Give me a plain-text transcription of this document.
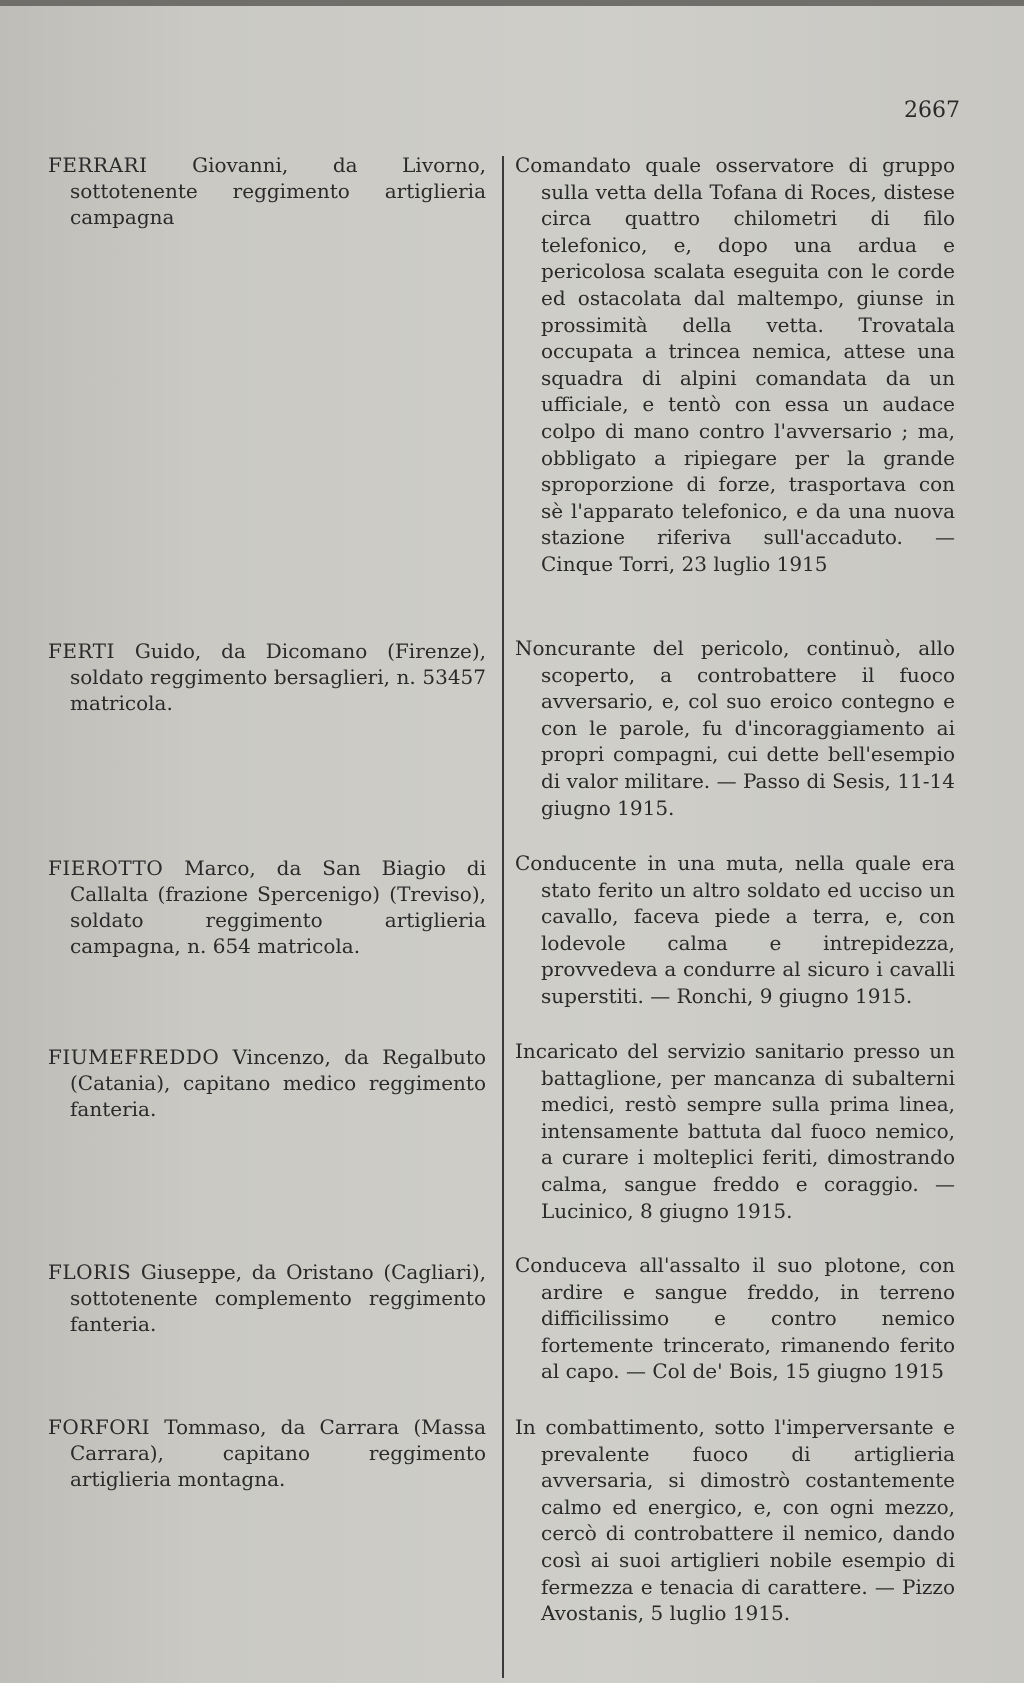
2667
FERRARI Giovanni, da Livorno, sottotenente reggimento artiglieria campagna
FERTI Guido, da Dicomano (Firenze), soldato reggimento bersaglieri, n. 53457 matricola.
FIEROTTO Marco, da San Biagio di Callalta (frazione Spercenigo) (Treviso), soldato reggimento artiglieria campagna, n. 654 matricola.
FIUMEFREDDO Vincenzo, da Regalbuto (Catania), capitano medico reggimento fanteria.
FLORIS Giuseppe, da Oristano (Cagliari), sottotenente complemento reggimento fanteria.
FORFORI Tommaso, da Carrara (Massa Carrara), capitano reggimento artiglieria montagna.
Comandato quale osservatore di gruppo sulla vetta della Tofana di Roces, distese circa quattro chilometri di filo telefonico, e, dopo una ardua e pericolosa scalata eseguita con le corde ed ostacolata dal maltempo, giunse in prossimità della vetta. Trovatala occupata a trincea nemica, attese una squadra di alpini comandata da un ufficiale, e tentò con essa un audace colpo di mano contro l'avversario ; ma, obbligato a ripiegare per la grande sproporzione di forze, trasportava con sè l'apparato telefonico, e da una nuova stazione riferiva sull'accaduto. — Cinque Torri, 23 luglio 1915
Noncurante del pericolo, continuò, allo scoperto, a controbattere il fuoco avversario, e, col suo eroico contegno e con le parole, fu d'incoraggiamento ai propri compagni, cui dette bell'esempio di valor militare. — Passo di Sesis, 11-14 giugno 1915.
Conducente in una muta, nella quale era stato ferito un altro soldato ed ucciso un cavallo, faceva piede a terra, e, con lodevole calma e intrepidezza, provvedeva a condurre al sicuro i cavalli superstiti. — Ronchi, 9 giugno 1915.
Incaricato del servizio sanitario presso un battaglione, per mancanza di subalterni medici, restò sempre sulla prima linea, intensamente battuta dal fuoco nemico, a curare i molteplici feriti, dimostrando calma, sangue freddo e coraggio. — Lucinico, 8 giugno 1915.
Conduceva all'assalto il suo plotone, con ardire e sangue freddo, in terreno difficilissimo e contro nemico fortemente trincerato, rimanendo ferito al capo. — Col de' Bois, 15 giugno 1915
In combattimento, sotto l'imperversante e prevalente fuoco di artiglieria avversaria, si dimostrò costantemente calmo ed energico, e, con ogni mezzo, cercò di controbattere il nemico, dando così ai suoi artiglieri nobile esempio di fermezza e tenacia di carattere. — Pizzo Avostanis, 5 luglio 1915.
